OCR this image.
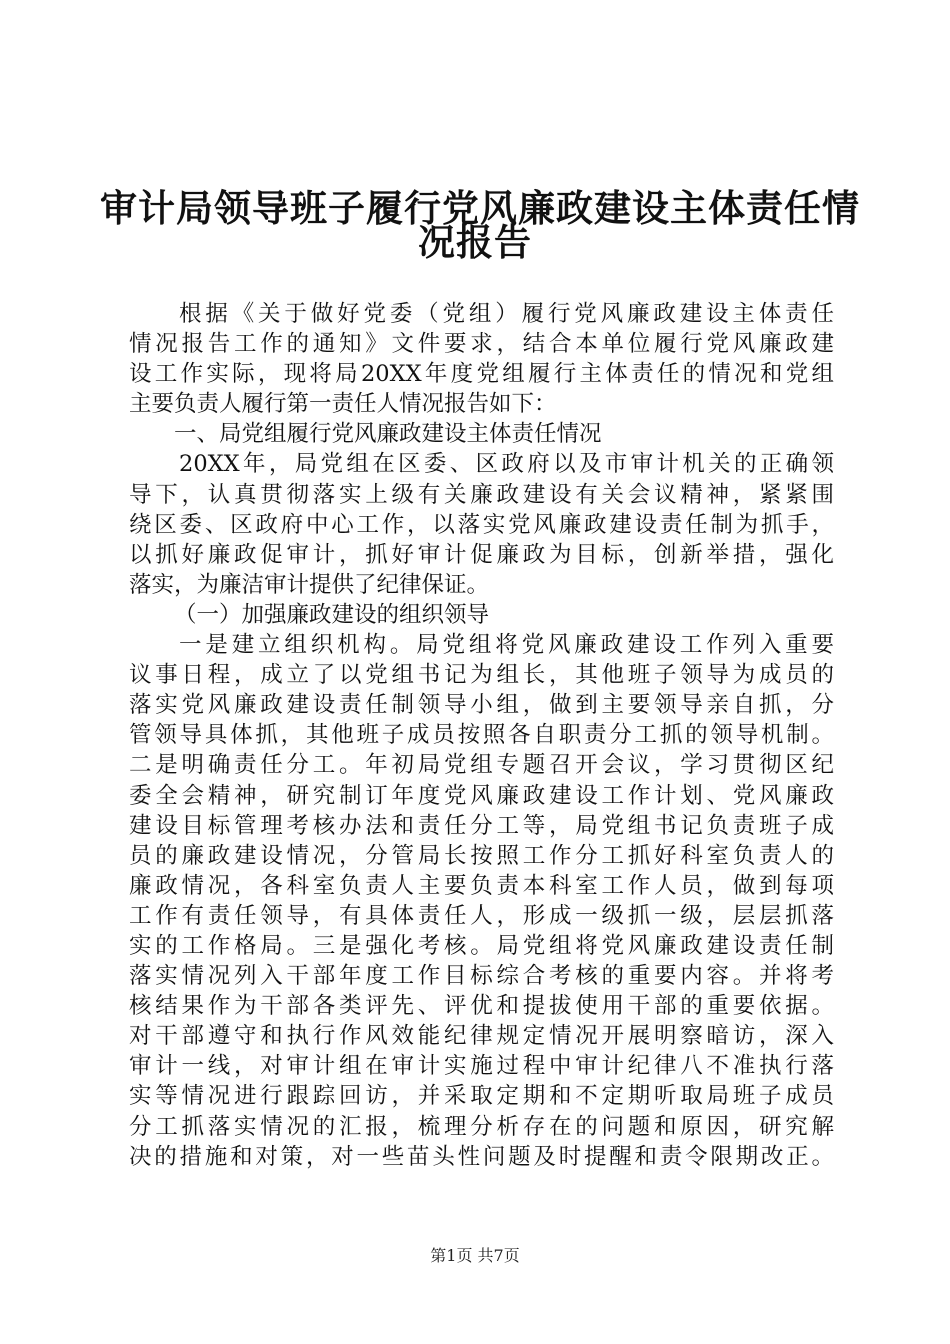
审计局领导班子履行党风廉政建设主体责任情
况报告
根据《关于做好党委（党组）履行党风廉政建设主体责任
情况报告工作的通知》文件要求，结合本单位履行党风廉政建
设工作实际，现将局20XX年度党组履行主体责任的情况和党组
主要负责人履行第一责任人情况报告如下：
一、局党组履行党风廉政建设主体责任情况
20XX年，局党组在区委、区政府以及市审计机关的正确领
导下，认真贯彻落实上级有关廉政建设有关会议精神，紧紧围
绕区委、区政府中心工作，以落实党风廉政建设责任制为抓手，
以抓好廉政促审计，抓好审计促廉政为目标，创新举措，强化
落实，为廉洁审计提供了纪律保证。
（一）加强廉政建设的组织领导
一是建立组织机构。局党组将党风廉政建设工作列入重要
议事日程，成立了以党组书记为组长，其他班子领导为成员的
落实党风廉政建设责任制领导小组，做到主要领导亲自抓，分
管领导具体抓，其他班子成员按照各自职责分工抓的领导机制。
二是明确责任分工。年初局党组专题召开会议，学习贯彻区纪
委全会精神，研究制订年度党风廉政建设工作计划、党风廉政
建设目标管理考核办法和责任分工等，局党组书记负责班子成
员的廉政建设情况，分管局长按照工作分工抓好科室负责人的
廉政情况，各科室负责人主要负责本科室工作人员，做到每项
工作有责任领导，有具体责任人，形成一级抓一级，层层抓落
实的工作格局。三是强化考核。局党组将党风廉政建设责任制
落实情况列入干部年度工作目标综合考核的重要内容。并将考
核结果作为干部各类评先、评优和提拔使用干部的重要依据。
对干部遵守和执行作风效能纪律规定情况开展明察暗访，深入
审计一线，对审计组在审计实施过程中审计纪律八不准执行落
实等情况进行跟踪回访，并采取定期和不定期听取局班子成员
分工抓落实情况的汇报，梳理分析存在的问题和原因，研究解
决的措施和对策，对一些苗头性问题及时提醒和责令限期改正。
第1页 共7页
